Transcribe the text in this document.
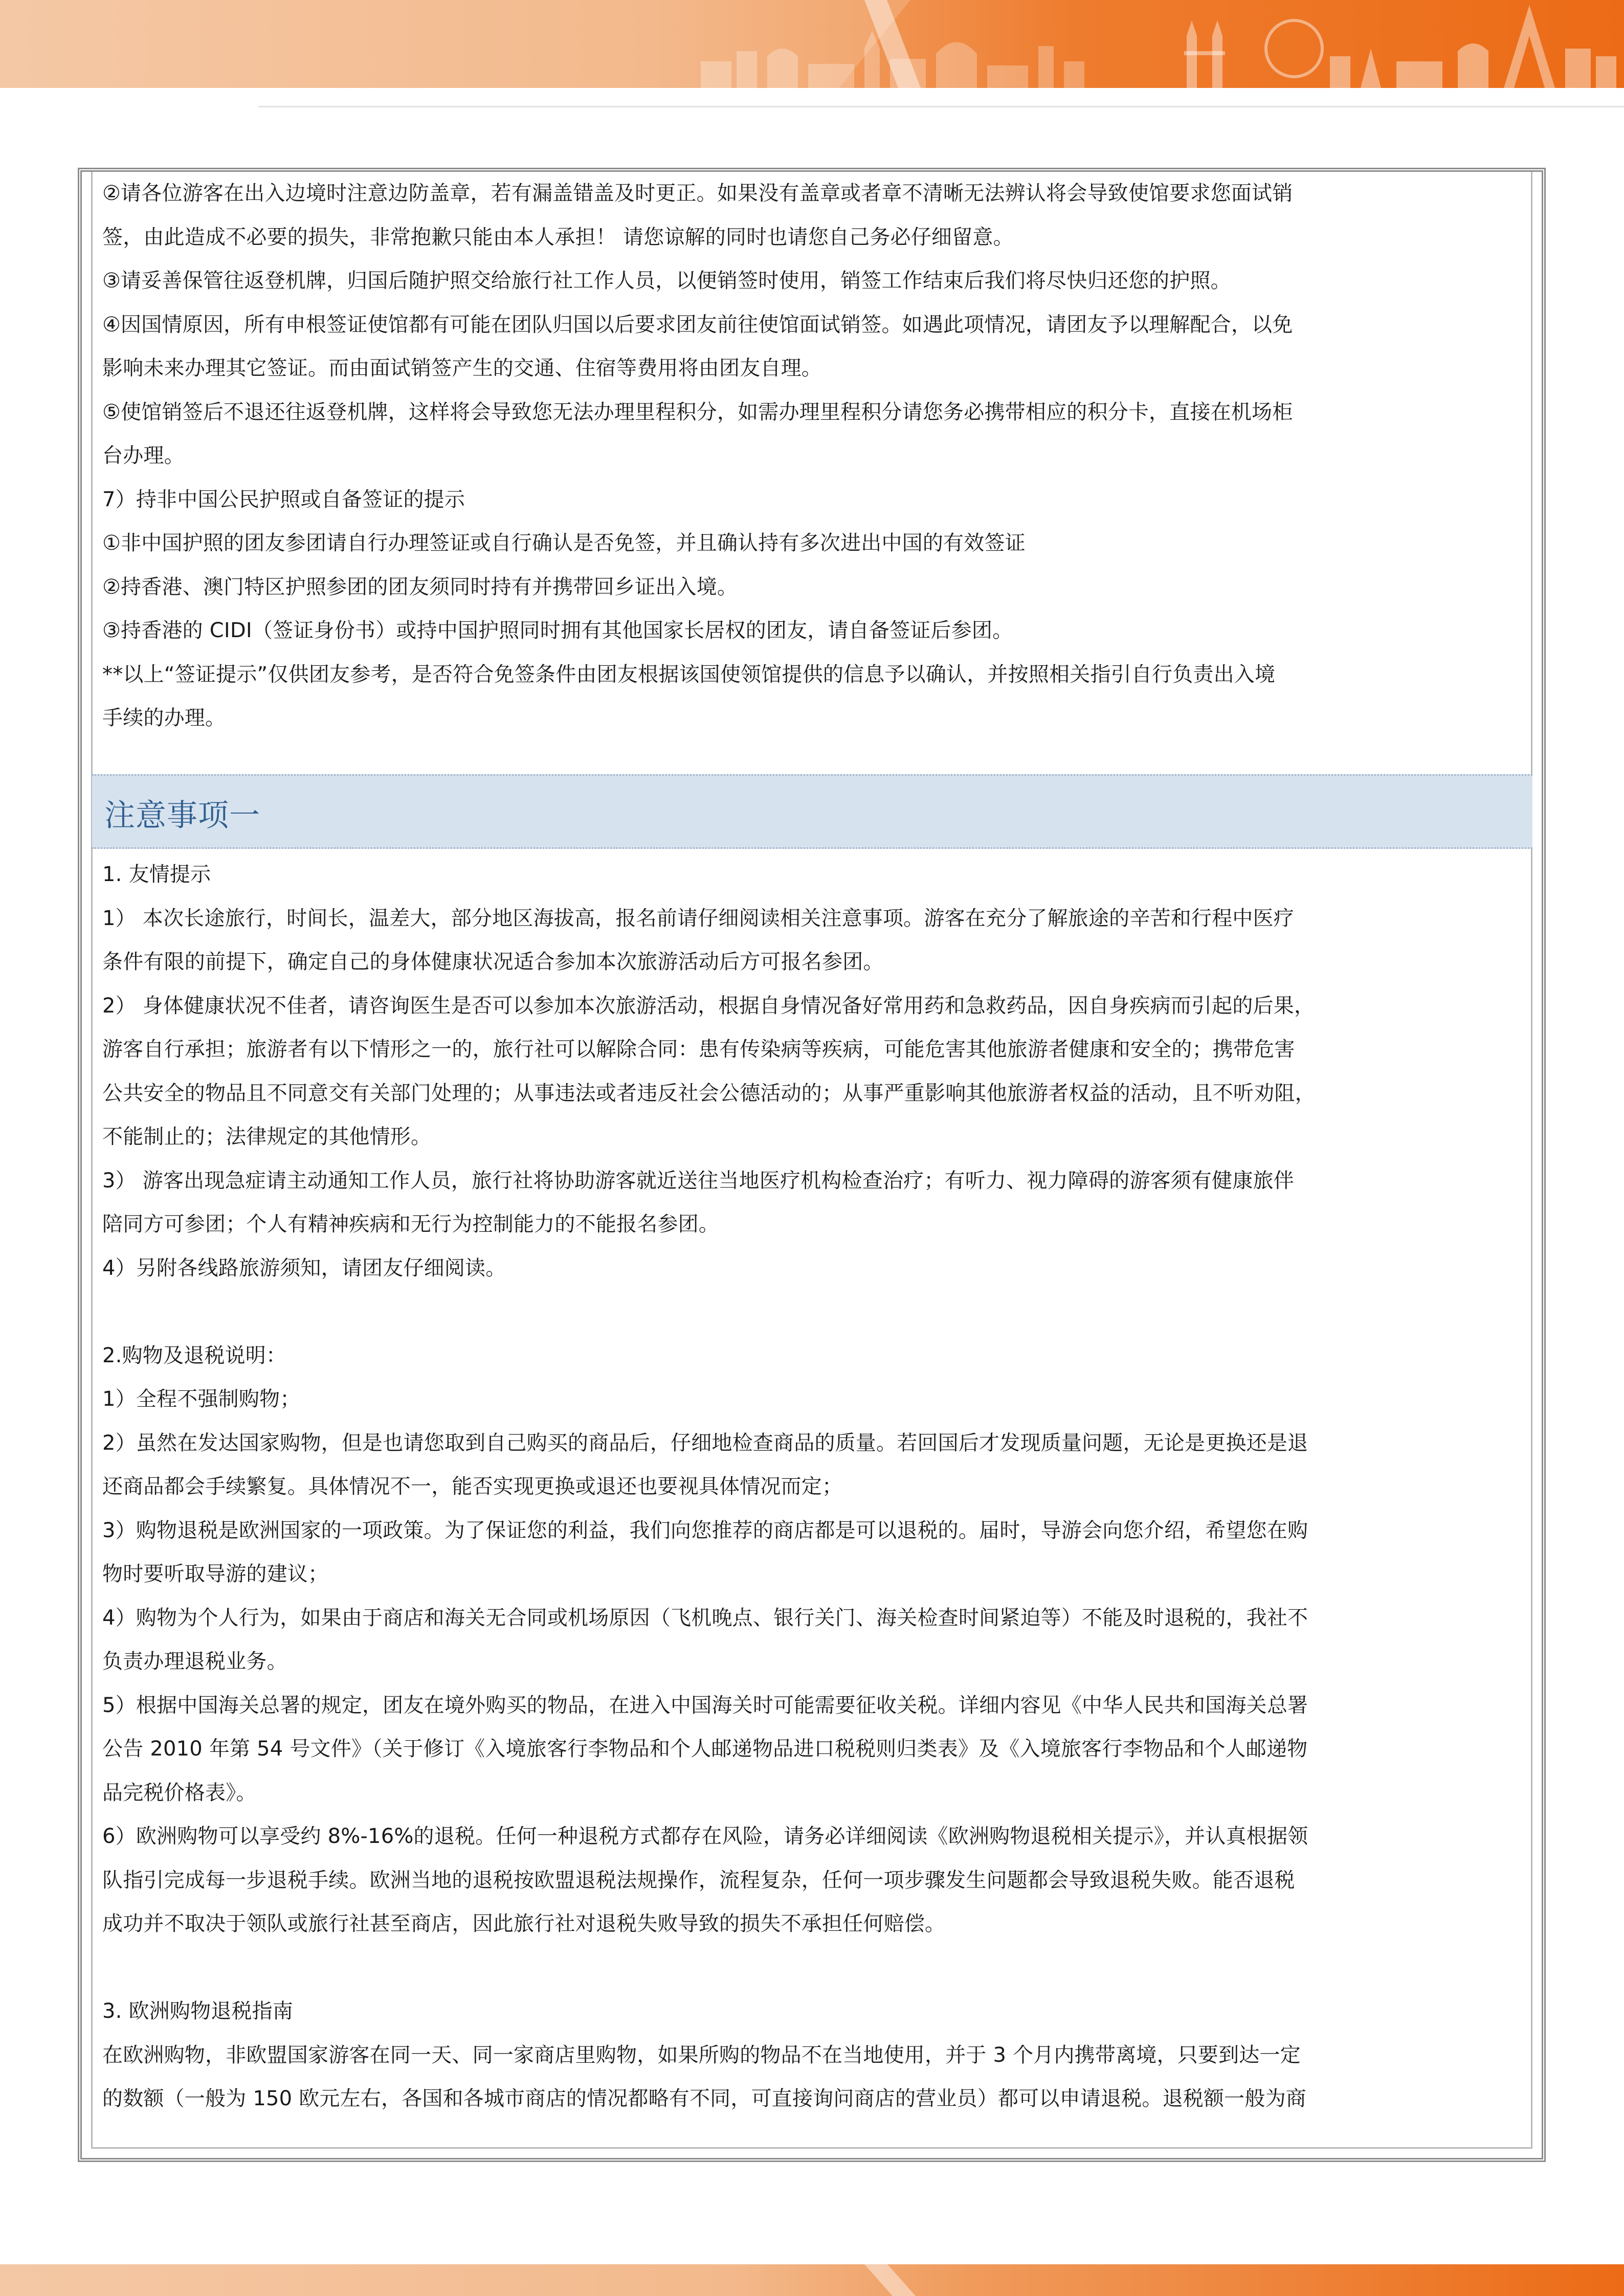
②请各位游客在出入边境时注意边防盖章，若有漏盖错盖及时更正。如果没有盖章或者章不清晰无法辨认将会导致使馆要求您面试销
签，由此造成不必要的损失，非常抱歉只能由本人承担！ 请您谅解的同时也请您自己务必仔细留意。
③请妥善保管往返登机牌，归国后随护照交给旅行社工作人员，以便销签时使用，销签工作结束后我们将尽快归还您的护照。
④因国情原因，所有申根签证使馆都有可能在团队归国以后要求团友前往使馆面试销签。如遇此项情况，请团友予以理解配合，以免
影响未来办理其它签证。而由面试销签产生的交通、住宿等费用将由团友自理。
⑤使馆销签后不退还往返登机牌，这样将会导致您无法办理里程积分，如需办理里程积分请您务必携带相应的积分卡，直接在机场柜
台办理。
7）持非中国公民护照或自备签证的提示
①非中国护照的团友参团请自行办理签证或自行确认是否免签，并且确认持有多次进出中国的有效签证
②持香港、澳门特区护照参团的团友须同时持有并携带回乡证出入境。
③持香港的 CIDI（签证身份书）或持中国护照同时拥有其他国家长居权的团友，请自备签证后参团。
**以上“签证提示”仅供团友参考，是否符合免签条件由团友根据该国使领馆提供的信息予以确认，并按照相关指引自行负责出入境
手续的办理。
注意事项一
1. 友情提示
1） 本次长途旅行，时间长，温差大，部分地区海拔高，报名前请仔细阅读相关注意事项。游客在充分了解旅途的辛苦和行程中医疗
条件有限的前提下，确定自己的身体健康状况适合参加本次旅游活动后方可报名参团。
2） 身体健康状况不佳者，请咨询医生是否可以参加本次旅游活动，根据自身情况备好常用药和急救药品，因自身疾病而引起的后果，
游客自行承担；旅游者有以下情形之一的，旅行社可以解除合同：患有传染病等疾病，可能危害其他旅游者健康和安全的；携带危害
公共安全的物品且不同意交有关部门处理的；从事违法或者违反社会公德活动的；从事严重影响其他旅游者权益的活动，且不听劝阻，
不能制止的；法律规定的其他情形。
3） 游客出现急症请主动通知工作人员，旅行社将协助游客就近送往当地医疗机构检查治疗；有听力、视力障碍的游客须有健康旅伴
陪同方可参团；个人有精神疾病和无行为控制能力的不能报名参团。
4）另附各线路旅游须知，请团友仔细阅读。

2.购物及退税说明：
1）全程不强制购物；
2）虽然在发达国家购物，但是也请您取到自己购买的商品后，仔细地检查商品的质量。若回国后才发现质量问题，无论是更换还是退
还商品都会手续繁复。具体情况不一，能否实现更换或退还也要视具体情况而定；
3）购物退税是欧洲国家的一项政策。为了保证您的利益，我们向您推荐的商店都是可以退税的。届时，导游会向您介绍，希望您在购
物时要听取导游的建议；
4）购物为个人行为，如果由于商店和海关无合同或机场原因（飞机晚点、银行关门、海关检查时间紧迫等）不能及时退税的，我社不
负责办理退税业务。
5）根据中国海关总署的规定，团友在境外购买的物品，在进入中国海关时可能需要征收关税。详细内容见《中华人民共和国海关总署
公告 2010 年第 54 号文件》（关于修订《入境旅客行李物品和个人邮递物品进口税税则归类表》及《入境旅客行李物品和个人邮递物
品完税价格表》。
6）欧洲购物可以享受约 8%-16%的退税。任何一种退税方式都存在风险，请务必详细阅读《欧洲购物退税相关提示》，并认真根据领
队指引完成每一步退税手续。欧洲当地的退税按欧盟退税法规操作，流程复杂，任何一项步骤发生问题都会导致退税失败。能否退税
成功并不取决于领队或旅行社甚至商店，因此旅行社对退税失败导致的损失不承担任何赔偿。

3. 欧洲购物退税指南
在欧洲购物，非欧盟国家游客在同一天、同一家商店里购物，如果所购的物品不在当地使用，并于 3 个月内携带离境，只要到达一定
的数额（一般为 150 欧元左右，各国和各城市商店的情况都略有不同，可直接询问商店的营业员）都可以申请退税。退税额一般为商
